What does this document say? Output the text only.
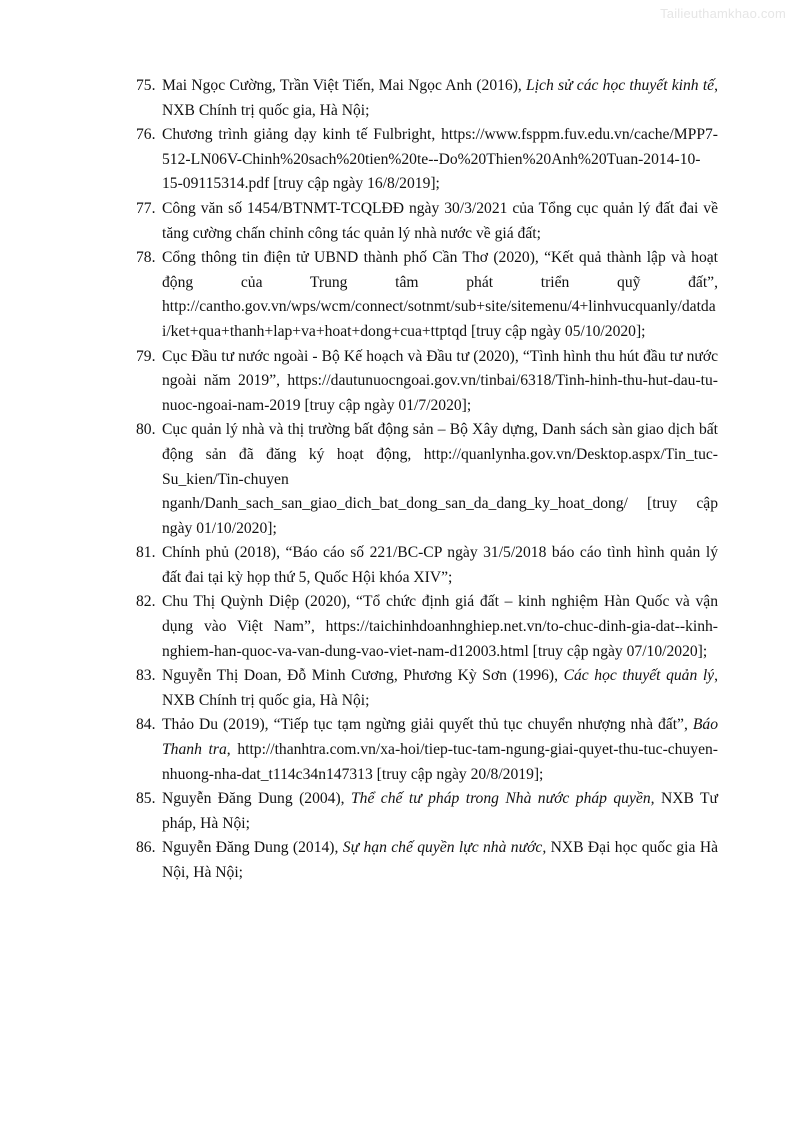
Tailieuthamkhao.com
75. Mai Ngọc Cường, Trần Việt Tiến, Mai Ngọc Anh (2016), Lịch sử các học thuyết kinh tế, NXB Chính trị quốc gia, Hà Nội;
76. Chương trình giảng dạy kinh tế Fulbright, https://www.fsppm.fuv.edu.vn/cache/MPP7-512-LN06V-Chinh%20sach%20tien%20te--Do%20Thien%20Anh%20Tuan-2014-10-15-09115314.pdf [truy cập ngày 16/8/2019];
77. Công văn số 1454/BTNMT-TCQLĐĐ ngày 30/3/2021 của Tổng cục quản lý đất đai về tăng cường chấn chỉnh công tác quản lý nhà nước về giá đất;
78. Cổng thông tin điện tử UBND thành phố Cần Thơ (2020), “Kết quả thành lập và hoạt động của Trung tâm phát triển quỹ đất”, http://cantho.gov.vn/wps/wcm/connect/sotnmt/sub+site/sitemenu/4+linhvucquanly/datdai/ket+qua+thanh+lap+va+hoat+dong+cua+ttptqd [truy cập ngày 05/10/2020];
79. Cục Đầu tư nước ngoài - Bộ Kế hoạch và Đầu tư (2020), “Tình hình thu hút đầu tư nước ngoài năm 2019”, https://dautunuocngoai.gov.vn/tinbai/6318/Tinh-hinh-thu-hut-dau-tu-nuoc-ngoai-nam-2019 [truy cập ngày 01/7/2020];
80. Cục quản lý nhà và thị trường bất động sản – Bộ Xây dựng, Danh sách sàn giao dịch bất động sản đã đăng ký hoạt động, http://quanlynha.gov.vn/Desktop.aspx/Tin_tuc-Su_kien/Tin-chuyen nganh/Danh_sach_san_giao_dich_bat_dong_san_da_dang_ky_hoat_dong/ [truy cập ngày 01/10/2020];
81. Chính phủ (2018), “Báo cáo số 221/BC-CP ngày 31/5/2018 báo cáo tình hình quản lý đất đai tại kỳ họp thứ 5, Quốc Hội khóa XIV”;
82. Chu Thị Quỳnh Diệp (2020), “Tổ chức định giá đất – kinh nghiệm Hàn Quốc và vận dụng vào Việt Nam”, https://taichinhdoanhnghiep.net.vn/to-chuc-dinh-gia-dat--kinh-nghiem-han-quoc-va-van-dung-vao-viet-nam-d12003.html [truy cập ngày 07/10/2020];
83. Nguyễn Thị Doan, Đỗ Minh Cương, Phương Kỳ Sơn (1996), Các học thuyết quản lý, NXB Chính trị quốc gia, Hà Nội;
84. Thảo Du (2019), “Tiếp tục tạm ngừng giải quyết thủ tục chuyển nhượng nhà đất”, Báo Thanh tra, http://thanhtra.com.vn/xa-hoi/tiep-tuc-tam-ngung-giai-quyet-thu-tuc-chuyen-nhuong-nha-dat_t114c34n147313 [truy cập ngày 20/8/2019];
85. Nguyễn Đăng Dung (2004), Thể chế tư pháp trong Nhà nước pháp quyền, NXB Tư pháp, Hà Nội;
86. Nguyễn Đăng Dung (2014), Sự hạn chế quyền lực nhà nước, NXB Đại học quốc gia Hà Nội, Hà Nội;
